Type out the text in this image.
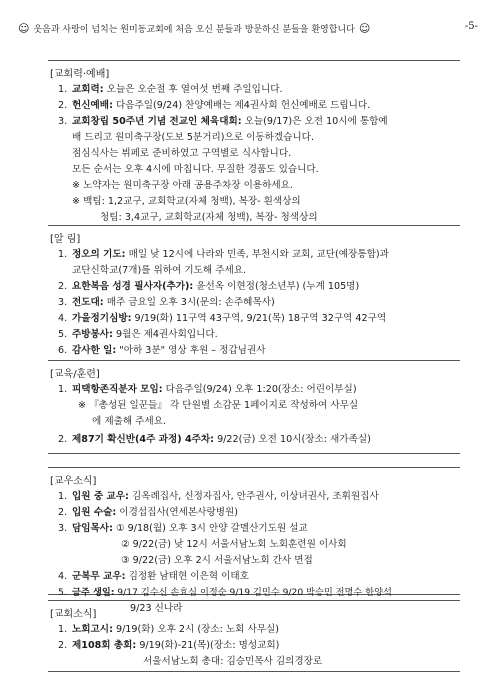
☺ 웃음과 사랑이 넘치는 원미동교회에 처음 오신 분들과 방문하신 분들을 환영합니다 ☺	-5-
[교회력·예배]
1. 교회력: 오늘은 오순절 후 열여섯 번째 주일입니다.
2. 헌신예배: 다음주일(9/24) 찬양예배는 제4권사회 헌신예배로 드립니다.
3. 교회창립 50주년 기념 전교인 체육대회: 오늘(9/17)은 오전 10시에 통합예
배 드리고 원미축구장(도보 5분거리)으로 이동하겠습니다.
점심식사는 뷔페로 준비하였고 구역별로 식사합니다.
모든 순서는 오후 4시에 마칩니다. 무질한 경품도 있습니다.
※ 노약자는 원미축구장 아래 공용주차장 이용하세요.
※ 백팀: 1,2교구, 교회학교(자체 청백), 복장- 흰색상의
청팀: 3,4교구, 교회학교(자체 청백), 복장- 청색상의
[알 림]
1. 정오의 기도: 매일 낮 12시에 나라와 민족, 부천시와 교회, 교단(예장통합)과
교단신학교(7개)를 위하여 기도해 주세요.
2. 요한복음 성경 필사자(추가): 윤선옥 이현정(청소년부) (누계 105명)
3. 전도대: 매주 금요일 오후 3시(문의: 손주혜목사)
4. 가을정기심방: 9/19(화) 11구역 43구역, 9/21(목) 18구역 32구역 42구역
5. 주방봉사: 9월은 제4권사회입니다.
6. 감사한 일: "아하 3분" 영상 후원 – 정갑님권사
[교육/훈련]
1. 피택항존직분자 모임: 다음주일(9/24) 오후 1:20(장소: 어린이부실)
※ 『총성된 일꾼들』 각 단원별 소감문 1페이지로 작성하여 사무실
에 제출해 주세요.
2. 제87기 확신반(4주 과정) 4주차: 9/22(금) 오전 10시(장소: 새가족실)
[교우소식]
1. 입원 중 교우: 김옥례집사, 신정자집사, 안주권사, 이상녀권사, 조휘원집사
2. 입원 수술: 이경섭집사(연세본사랑병원)
3. 담임목사: ① 9/18(월) 오후 3시 안양 갈멜산기도원 설교
② 9/22(금) 낮 12시 서울서남노회 노회훈련원 이사회
③ 9/22(금) 오후 2시 서울서남노회 간사 면접
4. 군복무 교우: 김정환 남태현 이은혁 이태호
5. 금주 생일: 9/17 김수신 손효심 이정순 9/19 김민수 9/20 박승민 전명수 한양석
9/23 신나라
[교회소식]
1. 노회고시: 9/19(화) 오후 2시 (장소: 노회 사무실)
2. 제108회 총회: 9/19(화)-21(목)(장소: 명성교회)
서울서남노회 총대: 김승민목사 김의경장로
